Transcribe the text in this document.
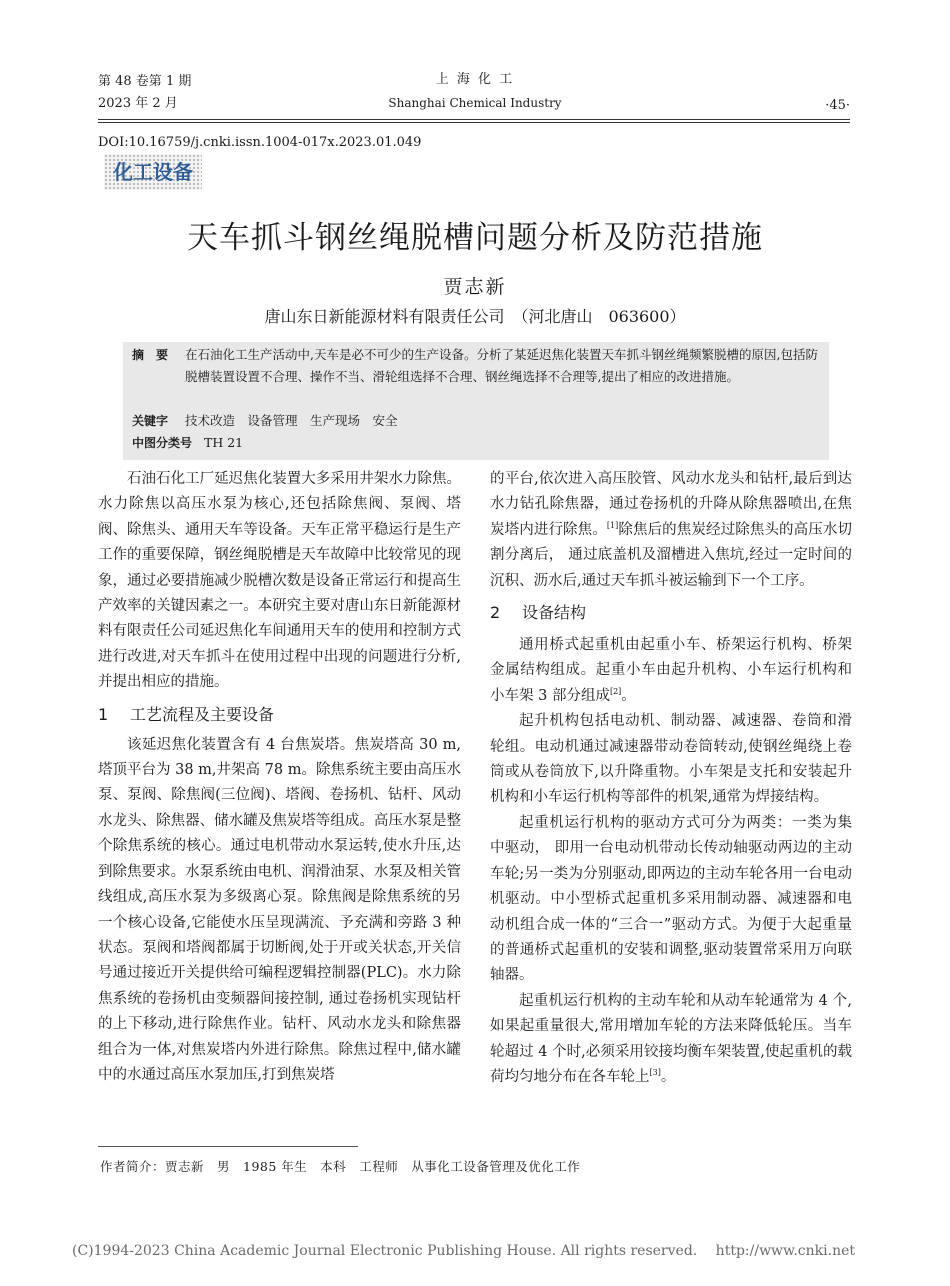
第 48 卷第 1 期
2023 年 2 月
上 海 化 工
Shanghai Chemical Industry	·45·
DOI:10.16759/j.cnki.issn.1004-017x.2023.01.049
化工设备
天车抓斗钢丝绳脱槽问题分析及防范措施
贾志新
唐山东日新能源材料有限责任公司　（河北唐山　063600）
摘　要 在石油化工生产活动中,天车是必不可少的生产设备。分析了某延迟焦化装置天车抓斗钢丝绳频繁脱槽的原因,包括防脱槽装置设置不合理、操作不当、滑轮组选择不合理、钢丝绳选择不合理等,提出了相应的改进措施。
关键字 技术改造　设备管理　生产现场　安全
中图分类号 TH 21

石油石化工厂延迟焦化装置大多采用井架水力除焦。水力除焦以高压水泵为核心,还包括除焦阀、泵阀、塔阀、除焦头、通用天车等设备。天车正常平稳运行是生产工作的重要保障，钢丝绳脱槽是天车故障中比较常见的现象，通过必要措施减少脱槽次数是设备正常运行和提高生产效率的关键因素之一。本研究主要对唐山东日新能源材料有限责任公司延迟焦化车间通用天车的使用和控制方式进行改进,对天车抓斗在使用过程中出现的问题进行分析,并提出相应的措施。

1 工艺流程及主要设备

该延迟焦化装置含有 4 台焦炭塔。焦炭塔高 30 m,塔顶平台为 38 m,井架高 78 m。除焦系统主要由高压水泵、泵阀、除焦阀(三位阀)、塔阀、卷扬机、钻杆、风动水龙头、除焦器、储水罐及焦炭塔等组成。高压水泵是整个除焦系统的核心。通过电机带动水泵运转,使水升压,达到除焦要求。水泵系统由电机、润滑油泵、水泵及相关管线组成,高压水泵为多级离心泵。除焦阀是除焦系统的另一个核心设备,它能使水压呈现满流、予充满和旁路 3 种状态。泵阀和塔阀都属于切断阀,处于开或关状态,开关信号通过接近开关提供给可编程逻辑控制器(PLC)。水力除焦系统的卷扬机由变频器间接控制, 通过卷扬机实现钻杆的上下移动,进行除焦作业。钻杆、风动水龙头和除焦器组合为一体,对焦炭塔内外进行除焦。除焦过程中,储水罐中的水通过高压水泵加压,打到焦炭塔

的平台,依次进入高压胶管、风动水龙头和钻杆,最后到达水力钻孔除焦器，通过卷扬机的升降从除焦器喷出,在焦炭塔内进行除焦。[1]除焦后的焦炭经过除焦头的高压水切割分离后， 通过底盖机及溜槽进入焦坑,经过一定时间的沉积、沥水后,通过天车抓斗被运输到下一个工序。

2 设备结构

通用桥式起重机由起重小车、桥架运行机构、桥架金属结构组成。起重小车由起升机构、小车运行机构和小车架 3 部分组成[2]。

起升机构包括电动机、制动器、减速器、卷筒和滑轮组。电动机通过减速器带动卷筒转动,使钢丝绳绕上卷筒或从卷筒放下,以升降重物。小车架是支托和安装起升机构和小车运行机构等部件的机架,通常为焊接结构。

起重机运行机构的驱动方式可分为两类：一类为集中驱动， 即用一台电动机带动长传动轴驱动两边的主动车轮;另一类为分别驱动,即两边的主动车轮各用一台电动机驱动。中小型桥式起重机多采用制动器、减速器和电动机组合成一体的“三合一”驱动方式。为便于大起重量的普通桥式起重机的安装和调整,驱动装置常采用万向联轴器。

起重机运行机构的主动车轮和从动车轮通常为 4 个,如果起重量很大,常用增加车轮的方法来降低轮压。当车轮超过 4 个时,必须采用铰接均衡车架装置,使起重机的载荷均匀地分布在各车轮上[3]。

作者简介：贾志新　男　1985 年生　本科　工程师　从事化工设备管理及优化工作
(C)1994-2023 China Academic Journal Electronic Publishing House. All rights reserved.　 http://www.cnki.net
